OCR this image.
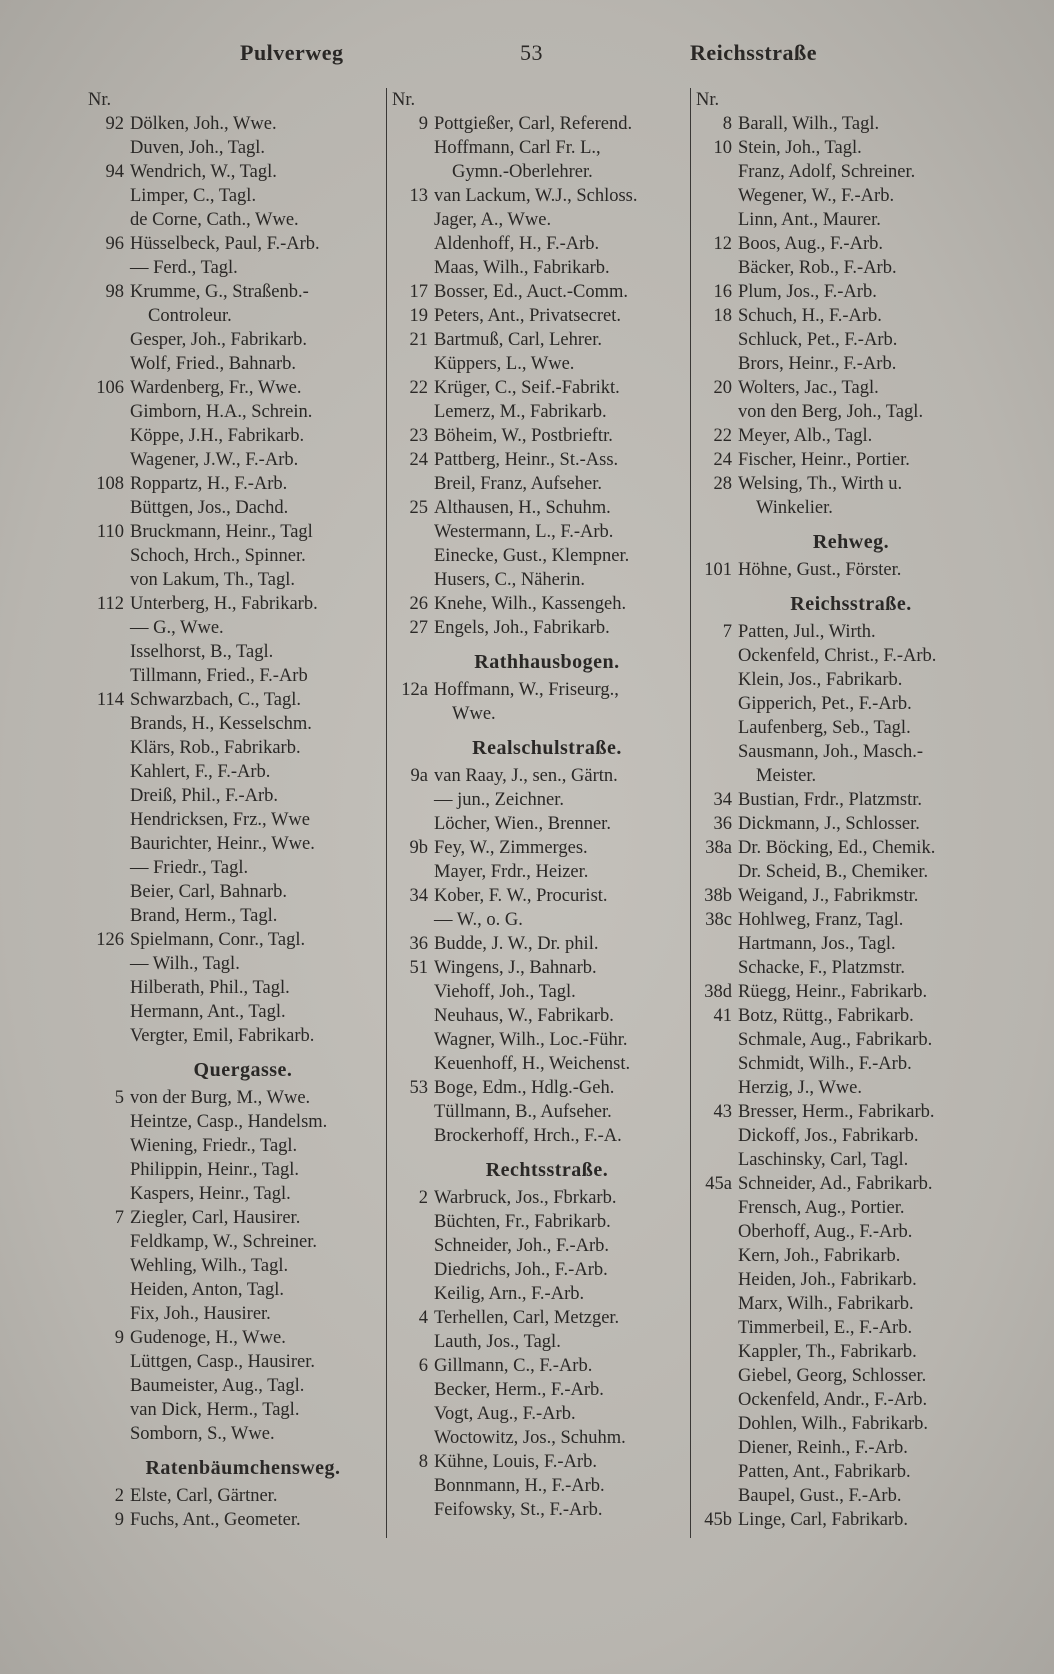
Pulverweg	53	Reichsstraße
Nr.
92 Dölken, Joh., Wwe.
Duven, Joh., Tagl.
94 Wendrich, W., Tagl.
Limper, C., Tagl.
de Corne, Cath., Wwe.
96 Hüsselbeck, Paul, F.-Arb.
— Ferd., Tagl.
98 Krumme, G., Straßenb.-
Controleur.
Gesper, Joh., Fabrikarb.
Wolf, Fried., Bahnarb.
106 Wardenberg, Fr., Wwe.
Gimborn, H.A., Schrein.
Köppe, J.H., Fabrikarb.
Wagener, J.W., F.-Arb.
108 Roppartz, H., F.-Arb.
Büttgen, Jos., Dachd.
110 Bruckmann, Heinr., Tagl
Schoch, Hrch., Spinner.
von Lakum, Th., Tagl.
112 Unterberg, H., Fabrikarb.
— G., Wwe.
Isselhorst, B., Tagl.
Tillmann, Fried., F.-Arb
114 Schwarzbach, C., Tagl.
Brands, H., Kesselschm.
Klärs, Rob., Fabrikarb.
Kahlert, F., F.-Arb.
Dreiß, Phil., F.-Arb.
Hendricksen, Frz., Wwe
Baurichter, Heinr., Wwe.
— Friedr., Tagl.
Beier, Carl, Bahnarb.
Brand, Herm., Tagl.
126 Spielmann, Conr., Tagl.
— Wilh., Tagl.
Hilberath, Phil., Tagl.
Hermann, Ant., Tagl.
Vergter, Emil, Fabrikarb.
Quergasse.
5 von der Burg, M., Wwe.
Heintze, Casp., Handelsm.
Wiening, Friedr., Tagl.
Philippin, Heinr., Tagl.
Kaspers, Heinr., Tagl.
7 Ziegler, Carl, Hausirer.
Feldkamp, W., Schreiner.
Wehling, Wilh., Tagl.
Heiden, Anton, Tagl.
Fix, Joh., Hausirer.
9 Gudenoge, H., Wwe.
Lüttgen, Casp., Hausirer.
Baumeister, Aug., Tagl.
van Dick, Herm., Tagl.
Somborn, S., Wwe.
Ratenbäumchensweg.
2 Elste, Carl, Gärtner.
9 Fuchs, Ant., Geometer.
Nr.
9 Pottgießer, Carl, Referend.
Hoffmann, Carl Fr. L.,
Gymn.-Oberlehrer.
13 van Lackum, W.J., Schloss.
Jager, A., Wwe.
Aldenhoff, H., F.-Arb.
Maas, Wilh., Fabrikarb.
17 Bosser, Ed., Auct.-Comm.
19 Peters, Ant., Privatsecret.
21 Bartmuß, Carl, Lehrer.
Küppers, L., Wwe.
22 Krüger, C., Seif.-Fabrikt.
Lemerz, M., Fabrikarb.
23 Böheim, W., Postbrieftr.
24 Pattberg, Heinr., St.-Ass.
Breil, Franz, Aufseher.
25 Althausen, H., Schuhm.
Westermann, L., F.-Arb.
Einecke, Gust., Klempner.
Husers, C., Näherin.
26 Knehe, Wilh., Kassengeh.
27 Engels, Joh., Fabrikarb.
Rathhausbogen.
12a Hoffmann, W., Friseurg.,
Wwe.
Realschulstraße.
9a van Raay, J., sen., Gärtn.
— jun., Zeichner.
Löcher, Wien., Brenner.
9b Fey, W., Zimmerges.
Mayer, Frdr., Heizer.
34 Kober, F. W., Procurist.
— W., o. G.
36 Budde, J. W., Dr. phil.
51 Wingens, J., Bahnarb.
Viehoff, Joh., Tagl.
Neuhaus, W., Fabrikarb.
Wagner, Wilh., Loc.-Führ.
Keuenhoff, H., Weichenst.
53 Boge, Edm., Hdlg.-Geh.
Tüllmann, B., Aufseher.
Brockerhoff, Hrch., F.-A.
Rechtsstraße.
2 Warbruck, Jos., Fbrkarb.
Büchten, Fr., Fabrikarb.
Schneider, Joh., F.-Arb.
Diedrichs, Joh., F.-Arb.
Keilig, Arn., F.-Arb.
4 Terhellen, Carl, Metzger.
Lauth, Jos., Tagl.
6 Gillmann, C., F.-Arb.
Becker, Herm., F.-Arb.
Vogt, Aug., F.-Arb.
Woctowitz, Jos., Schuhm.
8 Kühne, Louis, F.-Arb.
Bonnmann, H., F.-Arb.
Feifowsky, St., F.-Arb.
Nr.
8 Barall, Wilh., Tagl.
10 Stein, Joh., Tagl.
Franz, Adolf, Schreiner.
Wegener, W., F.-Arb.
Linn, Ant., Maurer.
12 Boos, Aug., F.-Arb.
Bäcker, Rob., F.-Arb.
16 Plum, Jos., F.-Arb.
18 Schuch, H., F.-Arb.
Schluck, Pet., F.-Arb.
Brors, Heinr., F.-Arb.
20 Wolters, Jac., Tagl.
von den Berg, Joh., Tagl.
22 Meyer, Alb., Tagl.
24 Fischer, Heinr., Portier.
28 Welsing, Th., Wirth u.
Winkelier.
Rehweg.
101 Höhne, Gust., Förster.
Reichsstraße.
7 Patten, Jul., Wirth.
Ockenfeld, Christ., F.-Arb.
Klein, Jos., Fabrikarb.
Gipperich, Pet., F.-Arb.
Laufenberg, Seb., Tagl.
Sausmann, Joh., Masch.-
Meister.
34 Bustian, Frdr., Platzmstr.
36 Dickmann, J., Schlosser.
38a Dr. Böcking, Ed., Chemik.
Dr. Scheid, B., Chemiker.
38b Weigand, J., Fabrikmstr.
38c Hohlweg, Franz, Tagl.
Hartmann, Jos., Tagl.
Schacke, F., Platzmstr.
38d Rüegg, Heinr., Fabrikarb.
41 Botz, Rüttg., Fabrikarb.
Schmale, Aug., Fabrikarb.
Schmidt, Wilh., F.-Arb.
Herzig, J., Wwe.
43 Bresser, Herm., Fabrikarb.
Dickoff, Jos., Fabrikarb.
Laschinsky, Carl, Tagl.
45a Schneider, Ad., Fabrikarb.
Frensch, Aug., Portier.
Oberhoff, Aug., F.-Arb.
Kern, Joh., Fabrikarb.
Heiden, Joh., Fabrikarb.
Marx, Wilh., Fabrikarb.
Timmerbeil, E., F.-Arb.
Kappler, Th., Fabrikarb.
Giebel, Georg, Schlosser.
Ockenfeld, Andr., F.-Arb.
Dohlen, Wilh., Fabrikarb.
Diener, Reinh., F.-Arb.
Patten, Ant., Fabrikarb.
Baupel, Gust., F.-Arb.
45b Linge, Carl, Fabrikarb.
